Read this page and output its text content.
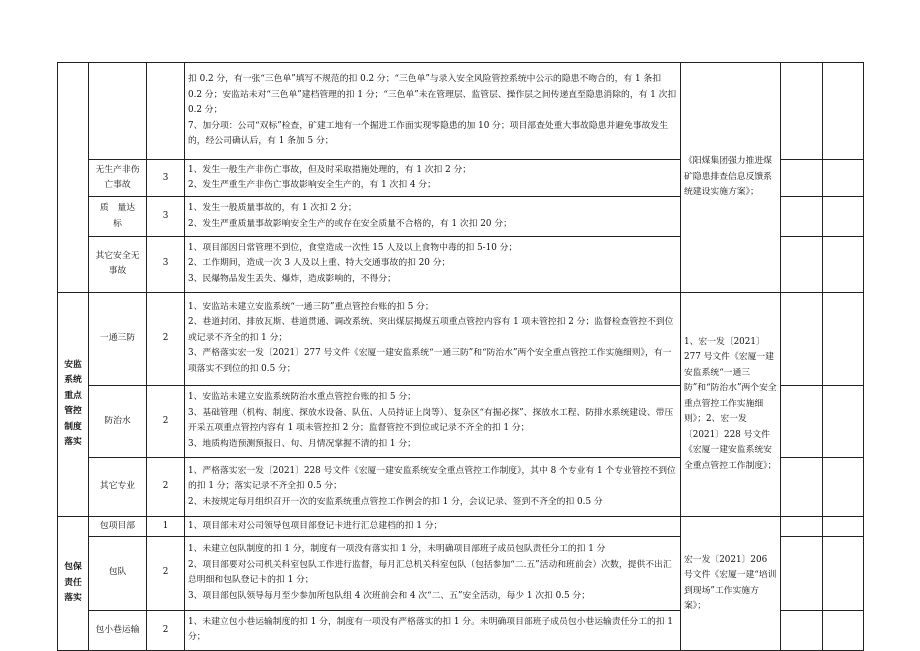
			扣 0.2 分，有一张“三色单”填写不规范的扣 0.2 分；“三色单”与录入安全风险管控系统中公示的隐患不吻合的，有 1 条扣 0.2 分；安监站未对“三色单”建档管理的扣 1 分；“三色单”未在管理层、监管层、操作层之间传递直至隐患消除的，有 1 次扣 0.2 分；
7、加分项：公司“双标”检查，矿建工地有一个掘进工作面实现零隐患的加 10 分；项目部查处重大事故隐患并避免事故发生的，经公司确认后，有 1 条加 5 分；	《阳煤集团强力推进煤矿隐患排查信息反馈系统建设实施方案》；		
	无生产非伤亡事故	3	1、发生一般生产非伤亡事故，但及时采取措施处理的，有 1 次扣 2 分；
2、发生严重生产非伤亡事故影响安全生产的，有 1 次扣 4 分；			

	质　量达　标	3	1、发生一般质量事故的，有 1 次扣 2 分；
2、发生严重质量事故影响安全生产的或存在安全质量不合格的，有 1 次扣 20 分；			

	其它安全无事故	3	1、项目部因日常管理不到位，食堂造成一次性 15 人及以上食物中毒的扣 5-10 分；
2、工作期间，造成一次 3 人及以上重、特大交通事故的扣 20 分；
3、民爆物品发生丢失、爆炸，造成影响的，不得分；			

安监系统重点管控制度落实	一通三防	2	1、安监站未建立安监系统“一通三防”重点管控台账的扣 5 分；
2、巷道封闭、排放瓦斯、巷道贯通、调改系统、突出煤层揭煤五项重点管控内容有 1 项未管控扣 2 分；监督检查管控不到位或记录不齐全的扣 1 分；
3、严格落实宏一发〔2021〕277 号文件《宏厦一建安监系统“一通三防”和“防治水”两个安全重点管控工作实施细则》，有一项落实不到位的扣 0.5 分；	1、宏一发〔2021〕277 号文件《宏厦一建安监系统“一通三防”和“防治水”两个安全重点管控工作实施细则》；2、宏一发〔2021〕228 号文件《宏厦一建安监系统安全重点管控工作制度》；		
	防治水	2	1、安监站未建立安监系统防治水重点管控台账的扣 5 分；
3、基础管理（机构、制度、探放水设备、队伍、人员持证上岗等）、复杂区“有掘必探”、探放水工程、防排水系统建设、带压开采五项重点管控内容有 1 项未管控扣 2 分；监督管控不到位或记录不齐全的扣 1 分；
3、地质构造预测预报日、旬、月情况掌握不清的扣 1 分；			

	其它专业	2	1、严格落实宏一发〔2021〕228 号文件《宏厦一建安监系统安全重点管控工作制度》，其中 8 个专业有 1 个专业管控不到位的扣 1 分；落实记录不齐全扣 0.5 分；
2、未按规定每月组织召开一次的安监系统重点管控工作例会的扣 1 分，会议记录、签到不齐全的扣 0.5 分			

包保责任落实	包项目部	1	1、项目部未对公司领导包项目部登记卡进行汇总建档的扣 1 分；	宏一发〔2021〕206 号文件《宏厦一建“培训到现场”工作实施方案》；		
	包队	2	1、未建立包队制度的扣 1 分，制度有一项没有落实扣 1 分，未明确项目部班子成员包队责任分工的扣 1 分
2、项目部要对公司机关科室包队工作进行监督，每月汇总机关科室包队（包括参加“二.五”活动和班前会）次数，提供不出汇总明细和包队登记卡的扣 1 分；
3、项目部包队领导每月至少参加所包队组 4 次班前会和 4 次“二、五”安全活动，每少 1 次扣 0.5 分；			

	包小巷运输	2	1、未建立包小巷运输制度的扣 1 分，制度有一项没有严格落实的扣 1 分。未明确项目部班子成员包小巷运输责任分工的扣 1 分；			
